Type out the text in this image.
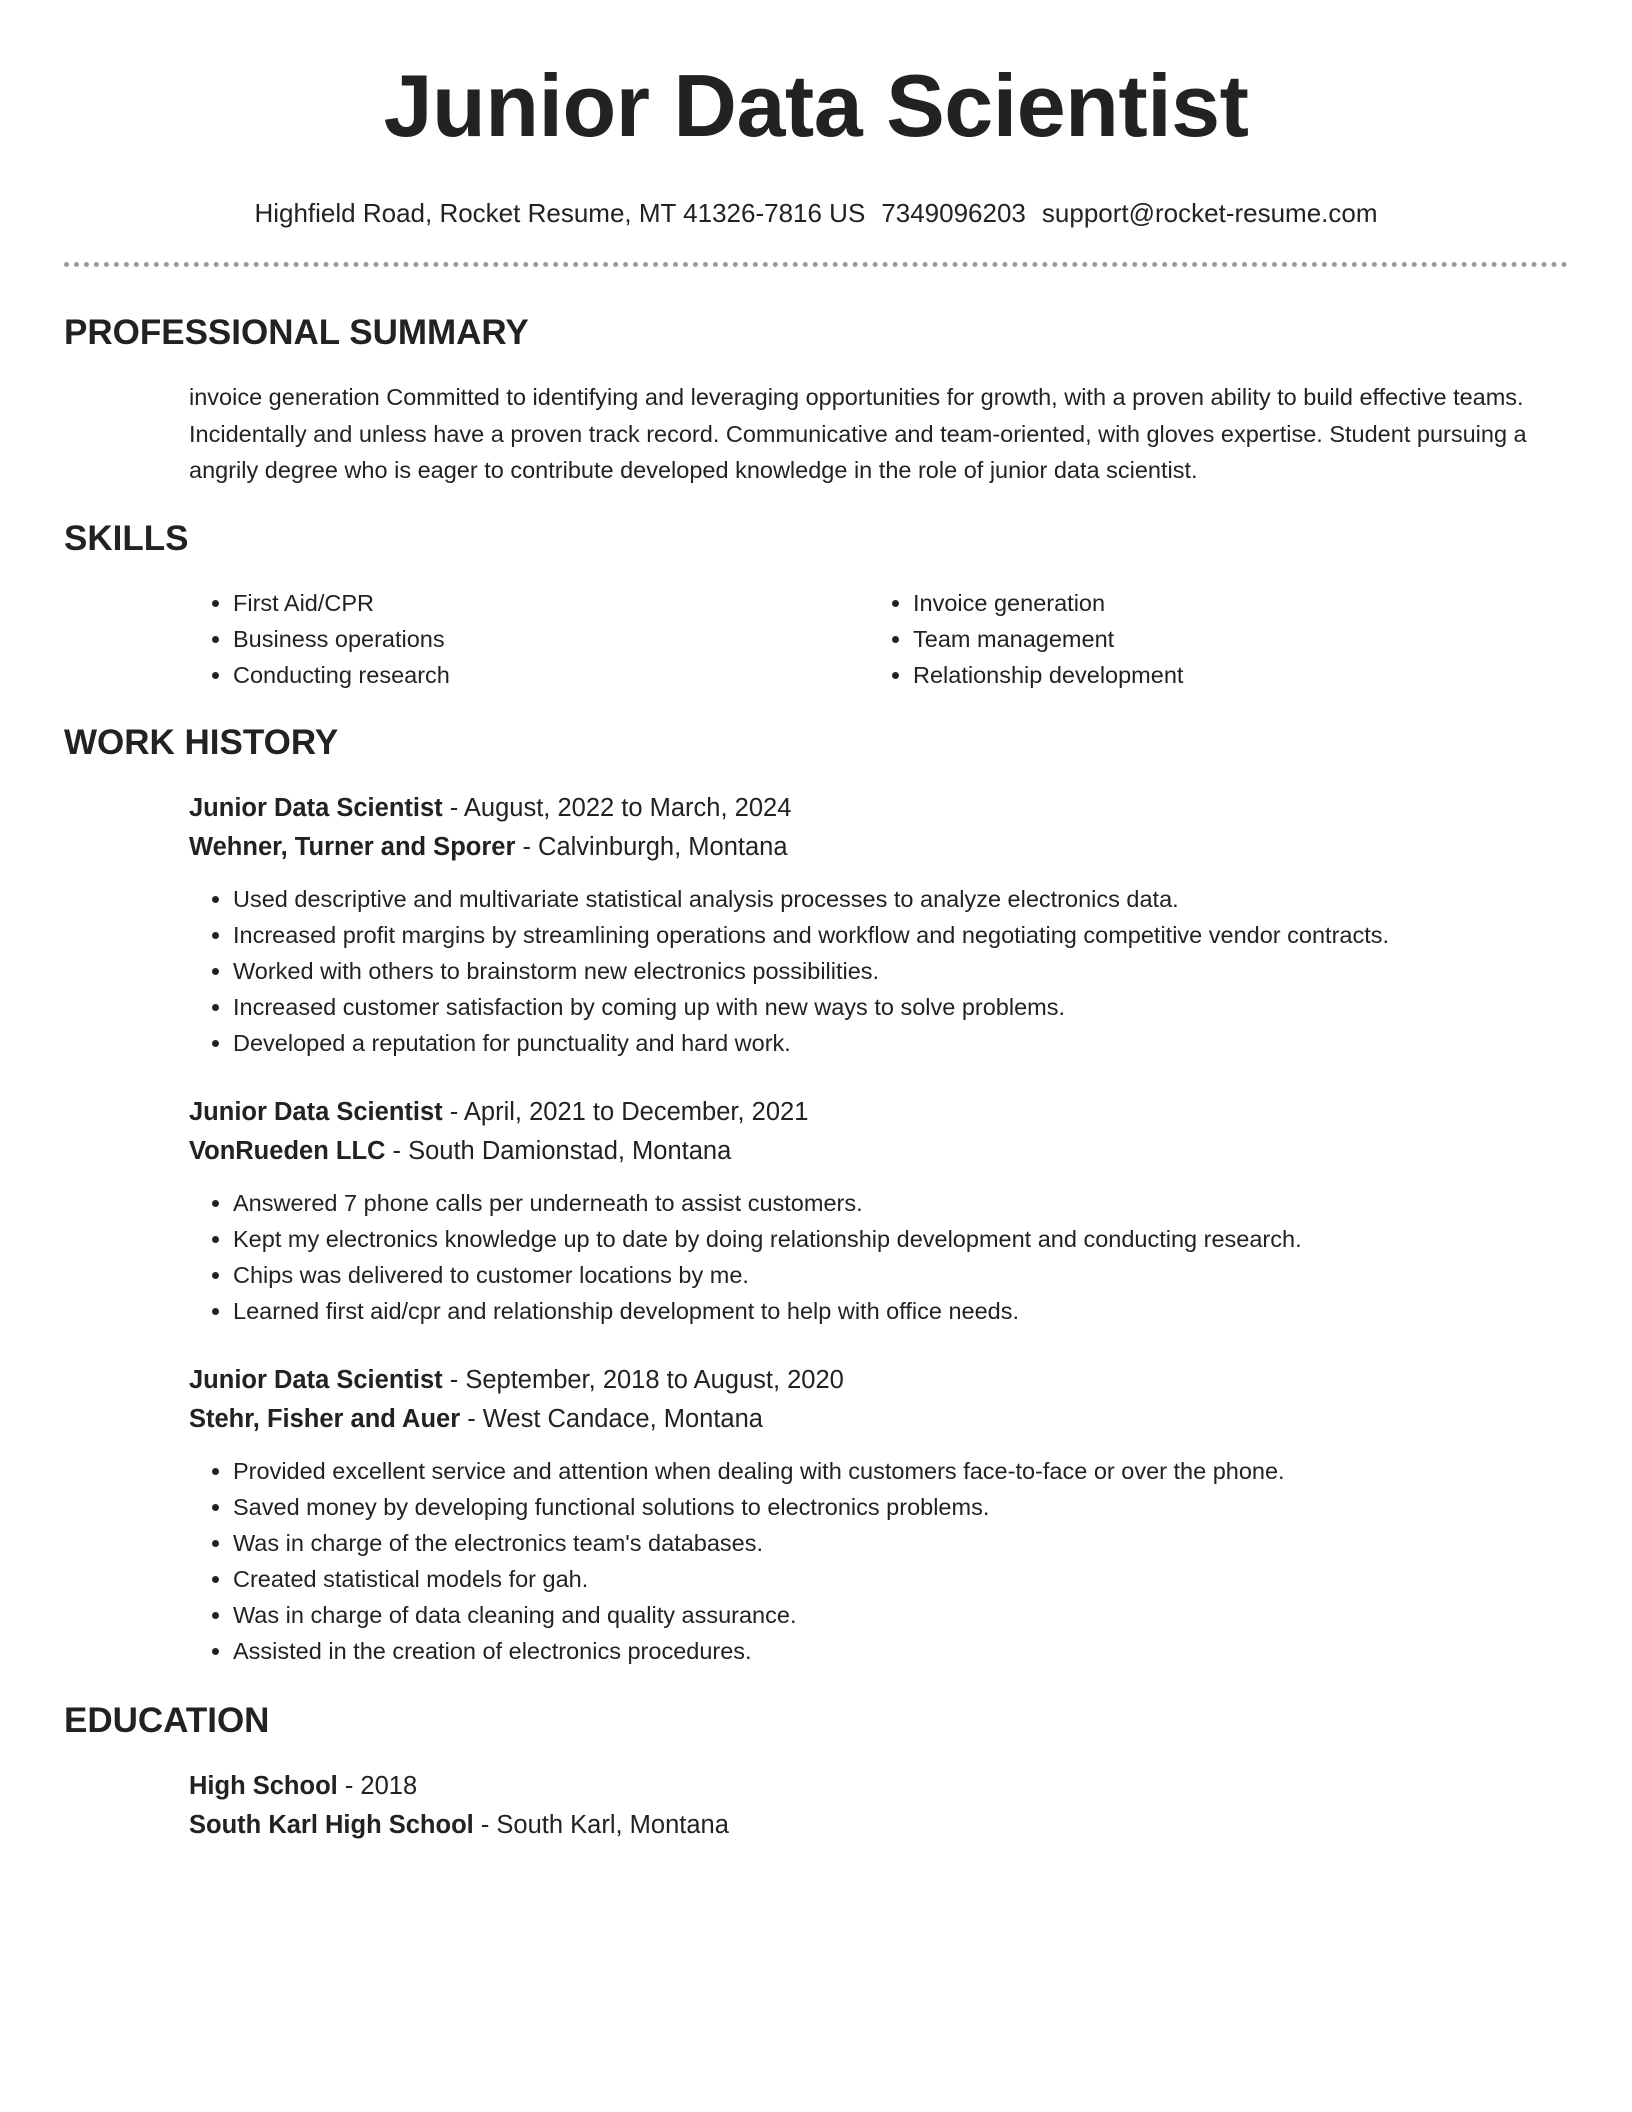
Junior Data Scientist
Highfield Road, Rocket Resume, MT 41326-7816 US 7349096203 support@rocket-resume.com
PROFESSIONAL SUMMARY

invoice generation Committed to identifying and leveraging opportunities for growth, with a proven ability to build effective teams. Incidentally and unless have a proven track record. Communicative and team-oriented, with gloves expertise. Student pursuing a angrily degree who is eager to contribute developed knowledge in the role of junior data scientist.

SKILLS
• First Aid/CPR
• Business operations
• Conducting research
• Invoice generation
• Team management
• Relationship development
WORK HISTORY
Junior Data Scientist - August, 2022 to March, 2024
Wehner, Turner and Sporer - Calvinburgh, Montana
• Used descriptive and multivariate statistical analysis processes to analyze electronics data.
• Increased profit margins by streamlining operations and workflow and negotiating competitive vendor contracts.
• Worked with others to brainstorm new electronics possibilities.
• Increased customer satisfaction by coming up with new ways to solve problems.
• Developed a reputation for punctuality and hard work.
Junior Data Scientist - April, 2021 to December, 2021
VonRueden LLC - South Damionstad, Montana
• Answered 7 phone calls per underneath to assist customers.
• Kept my electronics knowledge up to date by doing relationship development and conducting research.
• Chips was delivered to customer locations by me.
• Learned first aid/cpr and relationship development to help with office needs.
Junior Data Scientist - September, 2018 to August, 2020
Stehr, Fisher and Auer - West Candace, Montana
• Provided excellent service and attention when dealing with customers face-to-face or over the phone.
• Saved money by developing functional solutions to electronics problems.
• Was in charge of the electronics team's databases.
• Created statistical models for gah.
• Was in charge of data cleaning and quality assurance.
• Assisted in the creation of electronics procedures.
EDUCATION
High School - 2018
South Karl High School - South Karl, Montana
